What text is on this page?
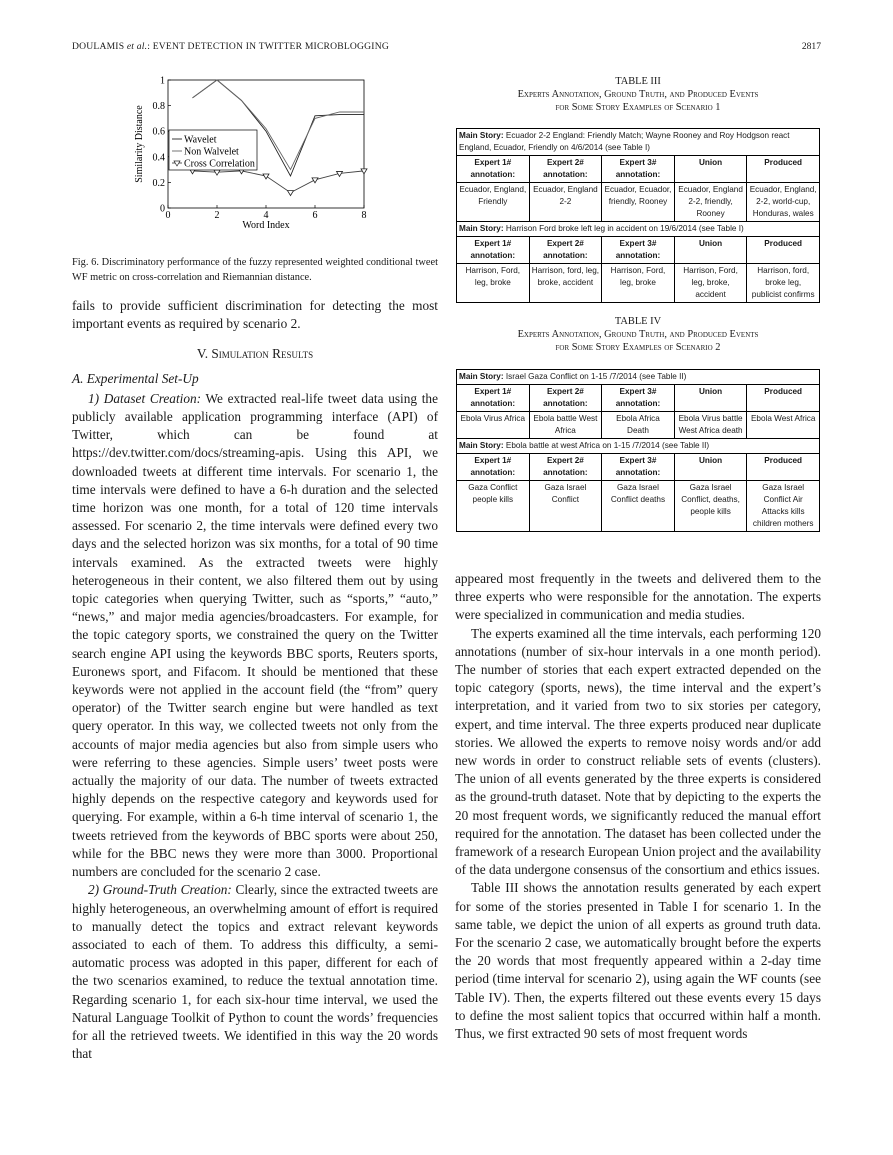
DOULAMIS et al.: EVENT DETECTION IN TWITTER MICROBLOGGING	2817
0	2	4	6	8
0
0.2
0.4
0.6
0.8
1
Word Index
Similarity Distance	Wavelet
Non Walvelet
Cross Correlation
Fig. 6. Discriminatory performance of the fuzzy represented weighted conditional tweet WF metric on cross-correlation and Riemannian distance.
TABLE III
Experts Annotation, Ground Truth, and Produced Events
for Some Story Examples of Scenario 1
Main Story: Ecuador 2-2 England: Friendly Match; Wayne Rooney and Roy Hodgson react England, Ecuador, Friendly on 4/6/2014 (see Table I)				
Expert 1# annotation:	Expert 2# annotation:	Expert 3# annotation:	Union	Produced
Ecuador, England, Friendly	Ecuador, England 2-2	Ecuador, Ecuador, friendly, Rooney	Ecuador, England 2-2, friendly, Rooney	Ecuador, England, 2-2, world-cup, Honduras, wales
Main Story: Harrison Ford broke left leg in accident on 19/6/2014 (see Table I)				
Expert 1# annotation:	Expert 2# annotation:	Expert 3# annotation:	Union	Produced
Harrison, Ford, leg, broke	Harrison, ford, leg, broke, accident	Harrison, Ford, leg, broke	Harrison, Ford, leg, broke, accident	Harrison, ford, broke leg, publicist confirms
TABLE IV
Experts Annotation, Ground Truth, and Produced Events
for Some Story Examples of Scenario 2
Main Story: Israel Gaza Conflict on 1-15 /7/2014 (see Table II)				
Expert 1# annotation:	Expert 2# annotation:	Expert 3# annotation:	Union	Produced
Ebola Virus Africa	Ebola battle West Africa	Ebola Africa Death	Ebola Virus battle West Africa death	Ebola West Africa
Main Story: Ebola battle at west Africa on 1-15 /7/2014 (see Table II)				
Expert 1# annotation:	Expert 2# annotation:	Expert 3# annotation:	Union	Produced
Gaza Conflict people kills	Gaza Israel Conflict	Gaza Israel Conflict deaths	Gaza Israel Conflict, deaths, people kills	Gaza Israel Conflict Air Attacks kills children mothers

fails to provide sufficient discrimination for detecting the most important events as required by scenario 2.

V. Simulation Results
A. Experimental Set-Up

1) Dataset Creation: We extracted real-life tweet data using the publicly available application programming interface (API) of Twitter, which can be found at https://dev.twitter.com/docs/streaming-apis. Using this API, we downloaded tweets at different time intervals. For scenario 1, the time intervals were defined to have a 6-h duration and the selected time horizon was one month, for a total of 120 time intervals assessed. For scenario 2, the time intervals were defined every two days and the selected horizon was six months, for a total of 90 time intervals examined. As the extracted tweets were highly heterogeneous in their content, we also filtered them out by using topic categories when querying Twitter, such as “sports,” “auto,” “news,” and major media agencies/broadcasters. For example, for the topic category sports, we constrained the query on the Twitter search engine API using the keywords BBC sports, Reuters sports, Euronews sport, and Fifacom. It should be mentioned that these keywords were not applied in the account field (the “from” query operator) of the Twitter search engine but were handled as text query operator. In this way, we collected tweets not only from the accounts of major media agencies but also from simple users who were referring to these agencies. Simple users’ tweet posts were actually the majority of our data. The number of tweets extracted highly depends on the respective category and keywords used for querying. For example, within a 6-h time interval of scenario 1, the tweets retrieved from the keywords of BBC sports were about 250, while for the BBC news they were more than 3000. Proportional numbers are concluded for the scenario 2 case.

2) Ground-Truth Creation: Clearly, since the extracted tweets are highly heterogeneous, an overwhelming amount of effort is required to manually detect the topics and extract relevant keywords associated to each of them. To address this difficulty, a semi-automatic process was adopted in this paper, different for each of the two scenarios examined, to reduce the textual annotation time. Regarding scenario 1, for each six-hour time interval, we used the Natural Language Toolkit of Python to count the words’ frequencies for all the retrieved tweets. We identified in this way the 20 words that

appeared most frequently in the tweets and delivered them to the three experts who were responsible for the annotation. The experts were specialized in communication and media studies.

The experts examined all the time intervals, each performing 120 annotations (number of six-hour intervals in a one month period). The number of stories that each expert extracted depended on the topic category (sports, news), the time interval and the expert’s interpretation, and it varied from two to six stories per category, expert, and time interval. The three experts produced near duplicate stories. We allowed the experts to remove noisy words and/or add new words in order to construct reliable sets of events (clusters). The union of all events generated by the three experts is considered as the ground-truth dataset. Note that by depicting to the experts the 20 most frequent words, we significantly reduced the manual effort required for the annotation. The dataset has been collected under the framework of a research European Union project and the availability of the data undergone consensus of the consortium and ethics issues.

Table III shows the annotation results generated by each expert for some of the stories presented in Table I for scenario 1. In the same table, we depict the union of all experts as ground truth data. For the scenario 2 case, we automatically brought before the experts the 20 words that most frequently appeared within a 2-day time period (time interval for scenario 2), using again the WF counts (see Table IV). Then, the experts filtered out these events every 15 days to define the most salient topics that occurred within half a month. Thus, we first extracted 90 sets of most frequent words
